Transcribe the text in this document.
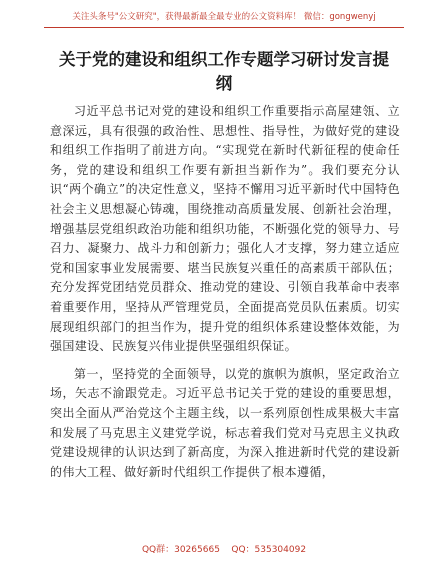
关注头条号"公文研究"，获得最新最全最专业的公文资料库！ 微信：gongwenyj
关于党的建设和组织工作专题学习研讨发言提纲

习近平总书记对党的建设和组织工作重要指示高屋建瓴、立意深远，具有很强的政治性、思想性、指导性，为做好党的建设和组织工作指明了前进方向。“实现党在新时代新征程的使命任务，党的建设和组织工作要有新担当新作为”。我们要充分认识“两个确立”的决定性意义，坚持不懈用习近平新时代中国特色社会主义思想凝心铸魂，围绕推动高质量发展、创新社会治理，增强基层党组织政治功能和组织功能，不断强化党的领导力、号召力、凝聚力、战斗力和创新力；强化人才支撑，努力建立适应党和国家事业发展需要、堪当民族复兴重任的高素质干部队伍；充分发挥党团结党员群众、推动党的建设、引领自我革命中表率着重要作用，坚持从严管理党员，全面提高党员队伍素质。切实展现组织部门的担当作为，提升党的组织体系建设整体效能，为强国建设、民族复兴伟业提供坚强组织保证。

第一，坚持党的全面领导，以党的旗帜为旗帜，坚定政治立场，矢志不渝跟党走。习近平总书记关于党的建设的重要思想，突出全面从严治党这个主题主线，以一系列原创性成果极大丰富和发展了马克思主义建党学说，标志着我们党对马克思主义执政党建设规律的认识达到了新高度，为深入推进新时代党的建设新的伟大工程、做好新时代组织工作提供了根本遵循，

QQ群：30265665    QQ：535304092
